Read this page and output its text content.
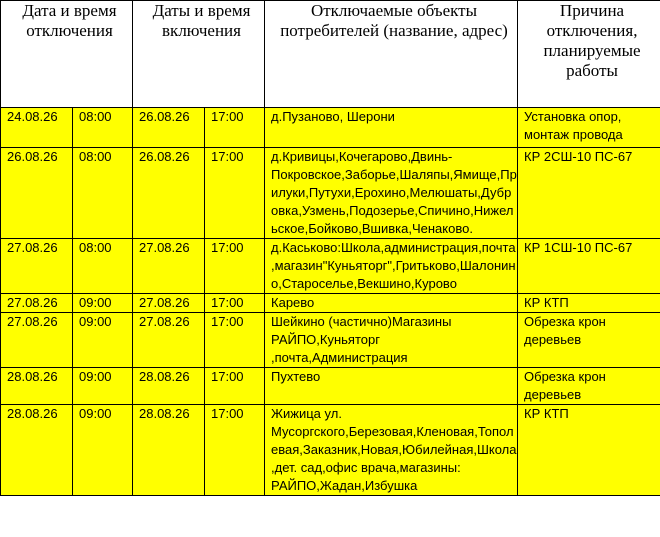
Дата и время отключения		Даты и время включения		Отключаемые объекты потребителей (название, адрес)	Причина отключения, планируемые работы
24.08.26	08:00	26.08.26	17:00	д.Пузаново, Шерони	Установка опор, монтаж провода
26.08.26	08:00	26.08.26	17:00	д.Кривицы,Кочегарово,Двинь-Покровское,Заборье,Шаляпы,Ямище,Прилуки,Путухи,Ерохино,Мелюшаты,Дубровка,Узмень,Подозерье,Спичино,Нижельское,Бойково,Вшивка,Ченаково.	КР 2СШ-10 ПС-67
27.08.26	08:00	27.08.26	17:00	д.Каськово:Школа,администрация,почта,магазин"Куньяторг",Гритьково,Шалонино,Староселье,Векшино,Курово	КР 1СШ-10 ПС-67
27.08.26	09:00	27.08.26	17:00	Карево	КР КТП
27.08.26	09:00	27.08.26	17:00	Шейкино (частично)Магазины РАЙПО,Куньяторг ,почта,Администрация	Обрезка крон деревьев
28.08.26	09:00	28.08.26	17:00	Пухтево	Обрезка крон деревьев
28.08.26	09:00	28.08.26	17:00	Жижица ул. Мусоргского,Березовая,Кленовая,Тополевая,Заказник,Новая,Юбилейная,Школа,дет. сад,офис врача,магазины: РАЙПО,Жадан,Избушка	КР КТП
